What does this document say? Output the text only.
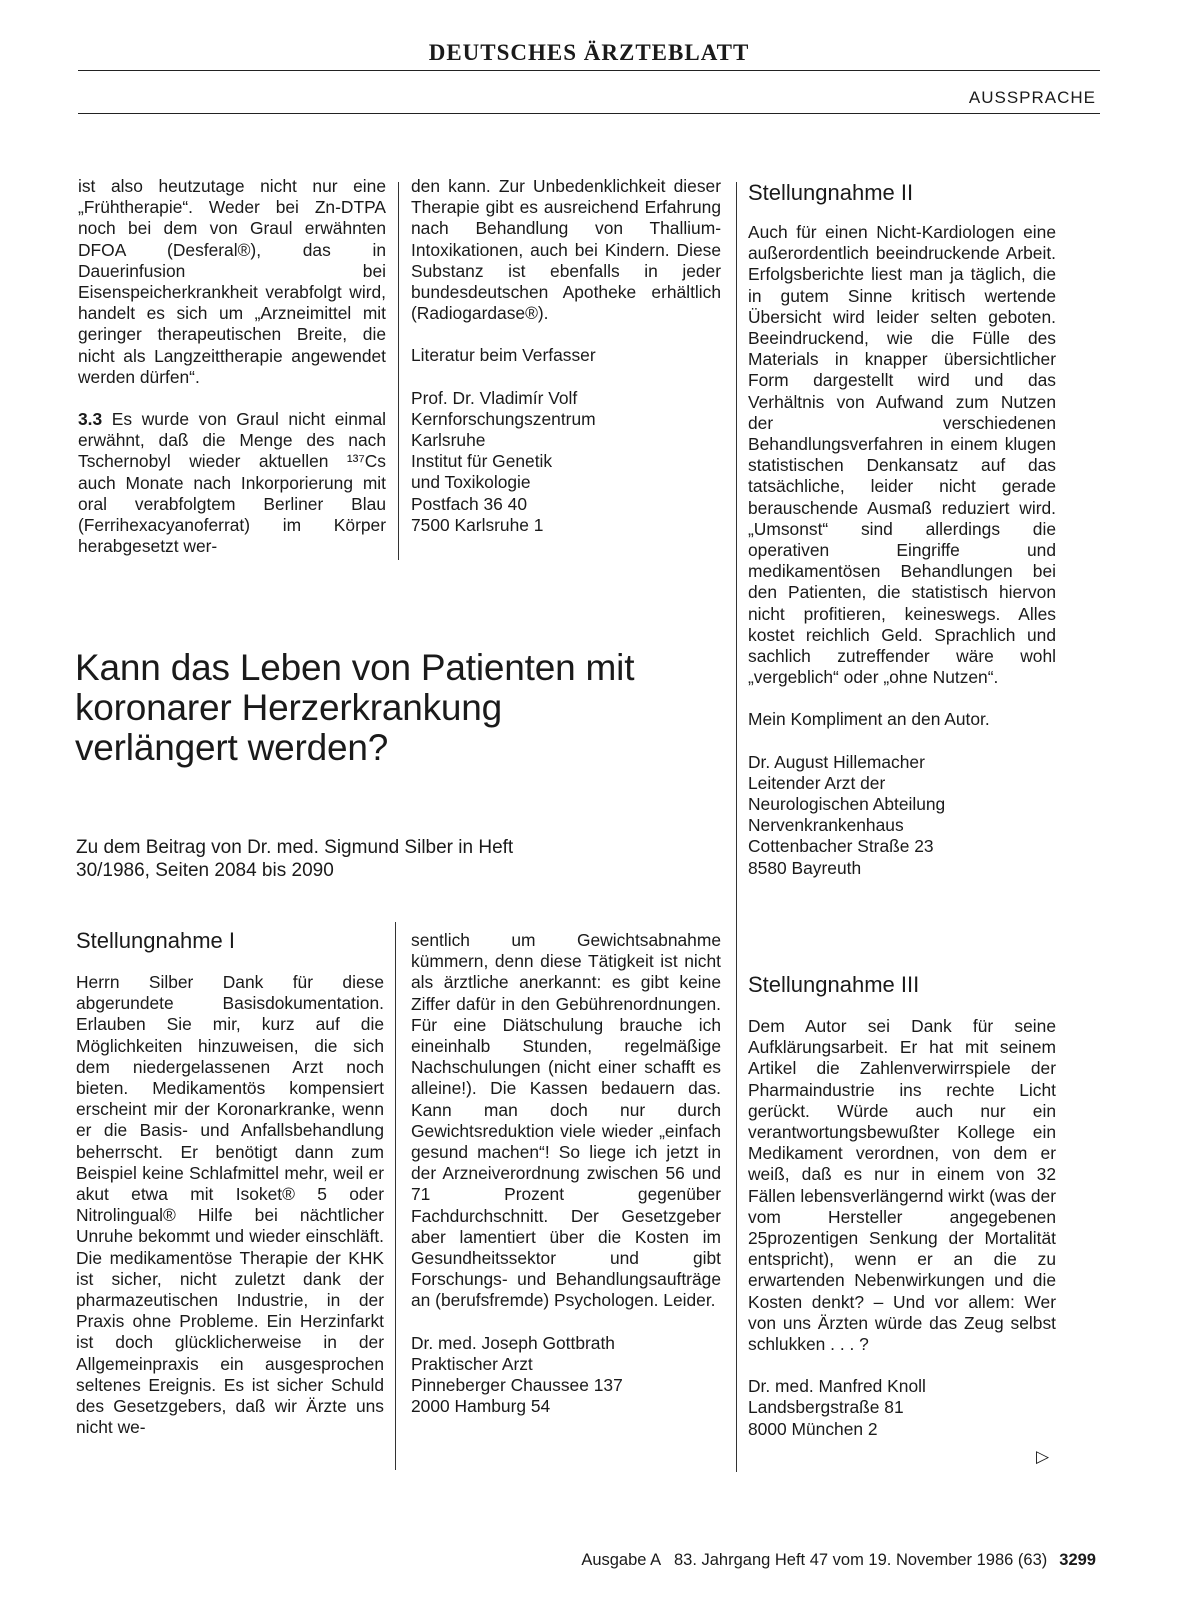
DEUTSCHES ÄRZTEBLATT
AUSSPRACHE

ist also heutzutage nicht nur eine „Frühtherapie“. Weder bei Zn-DTPA noch bei dem von Graul erwähnten DFOA (Desferal®), das in Dauerinfusion bei Eisenspeicherkrankheit verabfolgt wird, handelt es sich um „Arzneimittel mit geringer therapeutischen Breite, die nicht als Langzeittherapie angewendet werden dürfen“.

3.3 Es wurde von Graul nicht einmal erwähnt, daß die Menge des nach Tschernobyl wieder aktuellen ¹³⁷Cs auch Monate nach Inkorporierung mit oral verabfolgtem Berliner Blau (Ferrihexacyanoferrat) im Körper herabgesetzt wer-

den kann. Zur Unbedenklichkeit dieser Therapie gibt es ausreichend Erfahrung nach Behandlung von Thallium-Intoxikationen, auch bei Kindern. Diese Substanz ist ebenfalls in jeder bundesdeutschen Apotheke erhältlich (Radiogardase®).

Literatur beim Verfasser

Prof. Dr. Vladimír Volf
Kernforschungszentrum
Karlsruhe
Institut für Genetik
und Toxikologie
Postfach 36 40
7500 Karlsruhe 1
Kann das Leben von Patienten mit koronarer Herzerkrankung verlängert werden?
Zu dem Beitrag von Dr. med. Sigmund Silber in Heft 30/1986, Seiten 2084 bis 2090
Stellungnahme I

Herrn Silber Dank für diese abgerundete Basisdokumentation. Erlauben Sie mir, kurz auf die Möglichkeiten hinzuweisen, die sich dem niedergelassenen Arzt noch bieten. Medikamentös kompensiert erscheint mir der Koronarkranke, wenn er die Basis- und Anfallsbehandlung beherrscht. Er benötigt dann zum Beispiel keine Schlafmittel mehr, weil er akut etwa mit Isoket® 5 oder Nitrolingual® Hilfe bei nächtlicher Unruhe bekommt und wieder einschläft. Die medikamentöse Therapie der KHK ist sicher, nicht zuletzt dank der pharmazeutischen Industrie, in der Praxis ohne Probleme. Ein Herzinfarkt ist doch glücklicherweise in der Allgemeinpraxis ein ausgesprochen seltenes Ereignis. Es ist sicher Schuld des Gesetzgebers, daß wir Ärzte uns nicht we-

sentlich um Gewichtsabnahme kümmern, denn diese Tätigkeit ist nicht als ärztliche anerkannt: es gibt keine Ziffer dafür in den Gebührenordnungen. Für eine Diätschulung brauche ich eineinhalb Stunden, regelmäßige Nachschulungen (nicht einer schafft es alleine!). Die Kassen bedauern das. Kann man doch nur durch Gewichtsreduktion viele wieder „einfach gesund machen“! So liege ich jetzt in der Arzneiverordnung zwischen 56 und 71 Prozent gegenüber Fachdurchschnitt. Der Gesetzgeber aber lamentiert über die Kosten im Gesundheitssektor und gibt Forschungs- und Behandlungsaufträge an (berufsfremde) Psychologen. Leider.

Dr. med. Joseph Gottbrath
Praktischer Arzt
Pinneberger Chaussee 137
2000 Hamburg 54
Stellungnahme II

Auch für einen Nicht-Kardiologen eine außerordentlich beeindruckende Arbeit. Erfolgsberichte liest man ja täglich, die in gutem Sinne kritisch wertende Übersicht wird leider selten geboten. Beeindruckend, wie die Fülle des Materials in knapper übersichtlicher Form dargestellt wird und das Verhältnis von Aufwand zum Nutzen der verschiedenen Behandlungsverfahren in einem klugen statistischen Denkansatz auf das tatsächliche, leider nicht gerade berauschende Ausmaß reduziert wird. „Umsonst“ sind allerdings die operativen Eingriffe und medikamentösen Behandlungen bei den Patienten, die statistisch hiervon nicht profitieren, keineswegs. Alles kostet reichlich Geld. Sprachlich und sachlich zutreffender wäre wohl „vergeblich“ oder „ohne Nutzen“.

Mein Kompliment an den Autor.

Dr. August Hillemacher
Leitender Arzt der
Neurologischen Abteilung
Nervenkrankenhaus
Cottenbacher Straße 23
8580 Bayreuth
Stellungnahme III

Dem Autor sei Dank für seine Aufklärungsarbeit. Er hat mit seinem Artikel die Zahlenverwirrspiele der Pharmaindustrie ins rechte Licht gerückt. Würde auch nur ein verantwortungsbewußter Kollege ein Medikament verordnen, von dem er weiß, daß es nur in einem von 32 Fällen lebensverlängernd wirkt (was der vom Hersteller angegebenen 25prozentigen Senkung der Mortalität entspricht), wenn er an die zu erwartenden Nebenwirkungen und die Kosten denkt? – Und vor allem: Wer von uns Ärzten würde das Zeug selbst schlukken . . . ?

Dr. med. Manfred Knoll
Landsbergstraße 81
8000 München 2
▷
Ausgabe A   83. Jahrgang Heft 47 vom 19. November 1986 (63) 3299
